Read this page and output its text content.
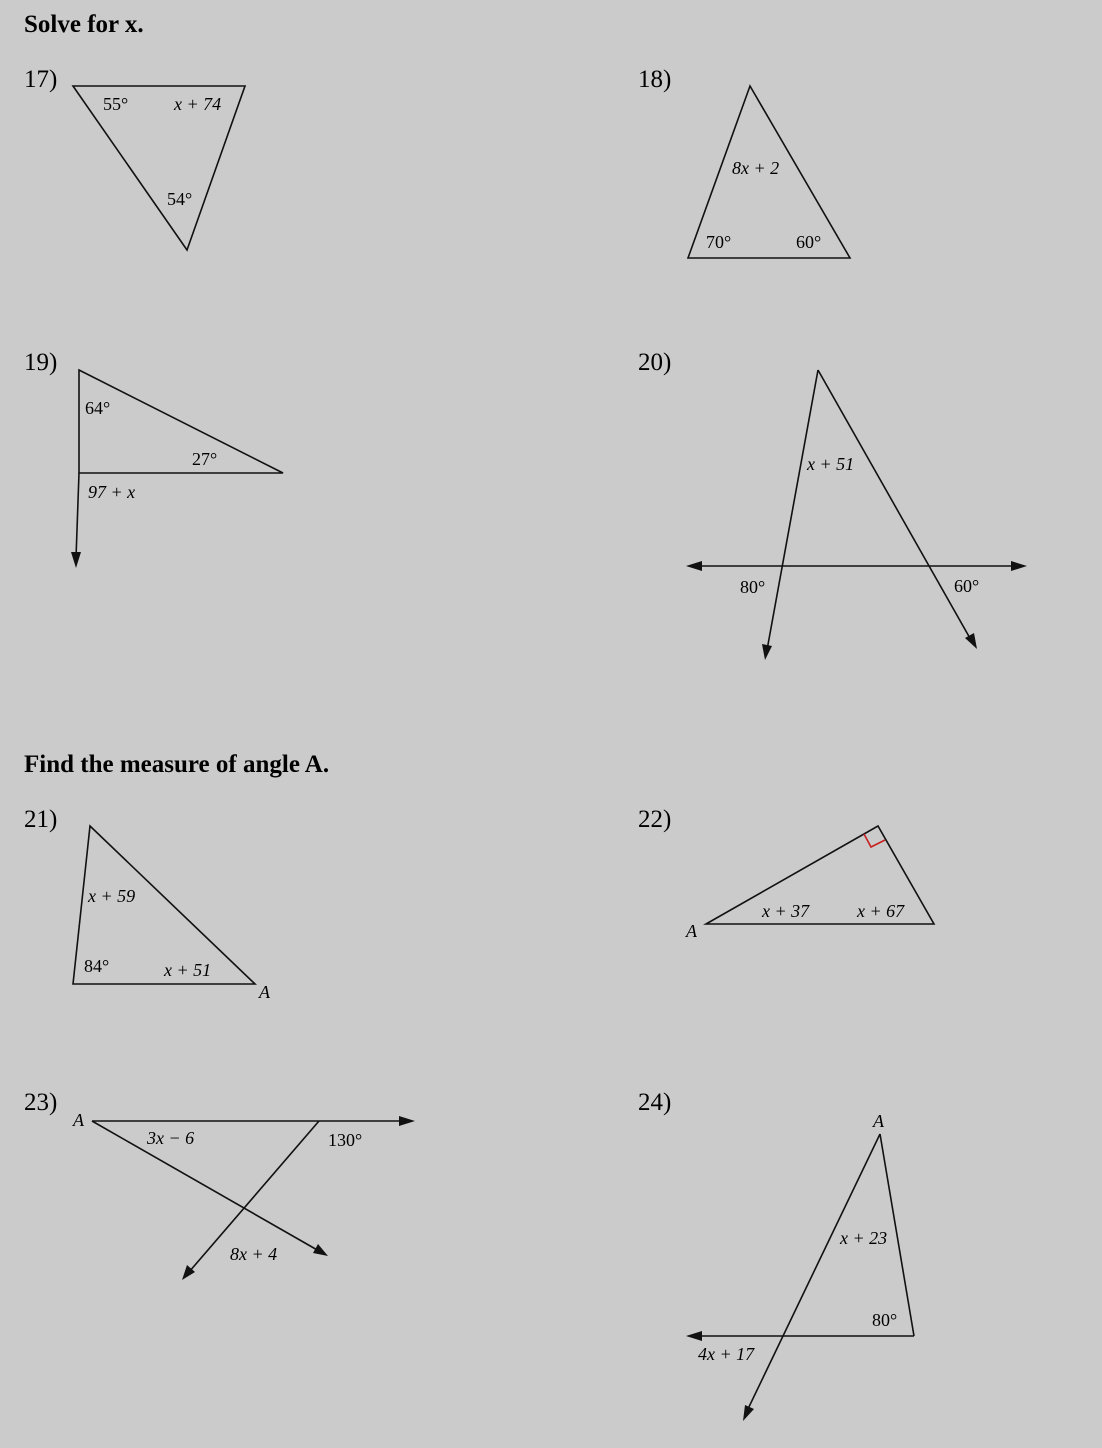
Solve for x.
17)
55°	x + 74
54°
18)
8x + 2
70°	60°
19)
64°
27°
97 + x
20)
x + 51
80°	60°
Find the measure of angle A.
21)
x + 59
84°	x + 51
A
22)
x + 37	x + 67
A
23)
A
3x − 6	130°
8x + 4
24)
A
x + 23
80°
4x + 17
